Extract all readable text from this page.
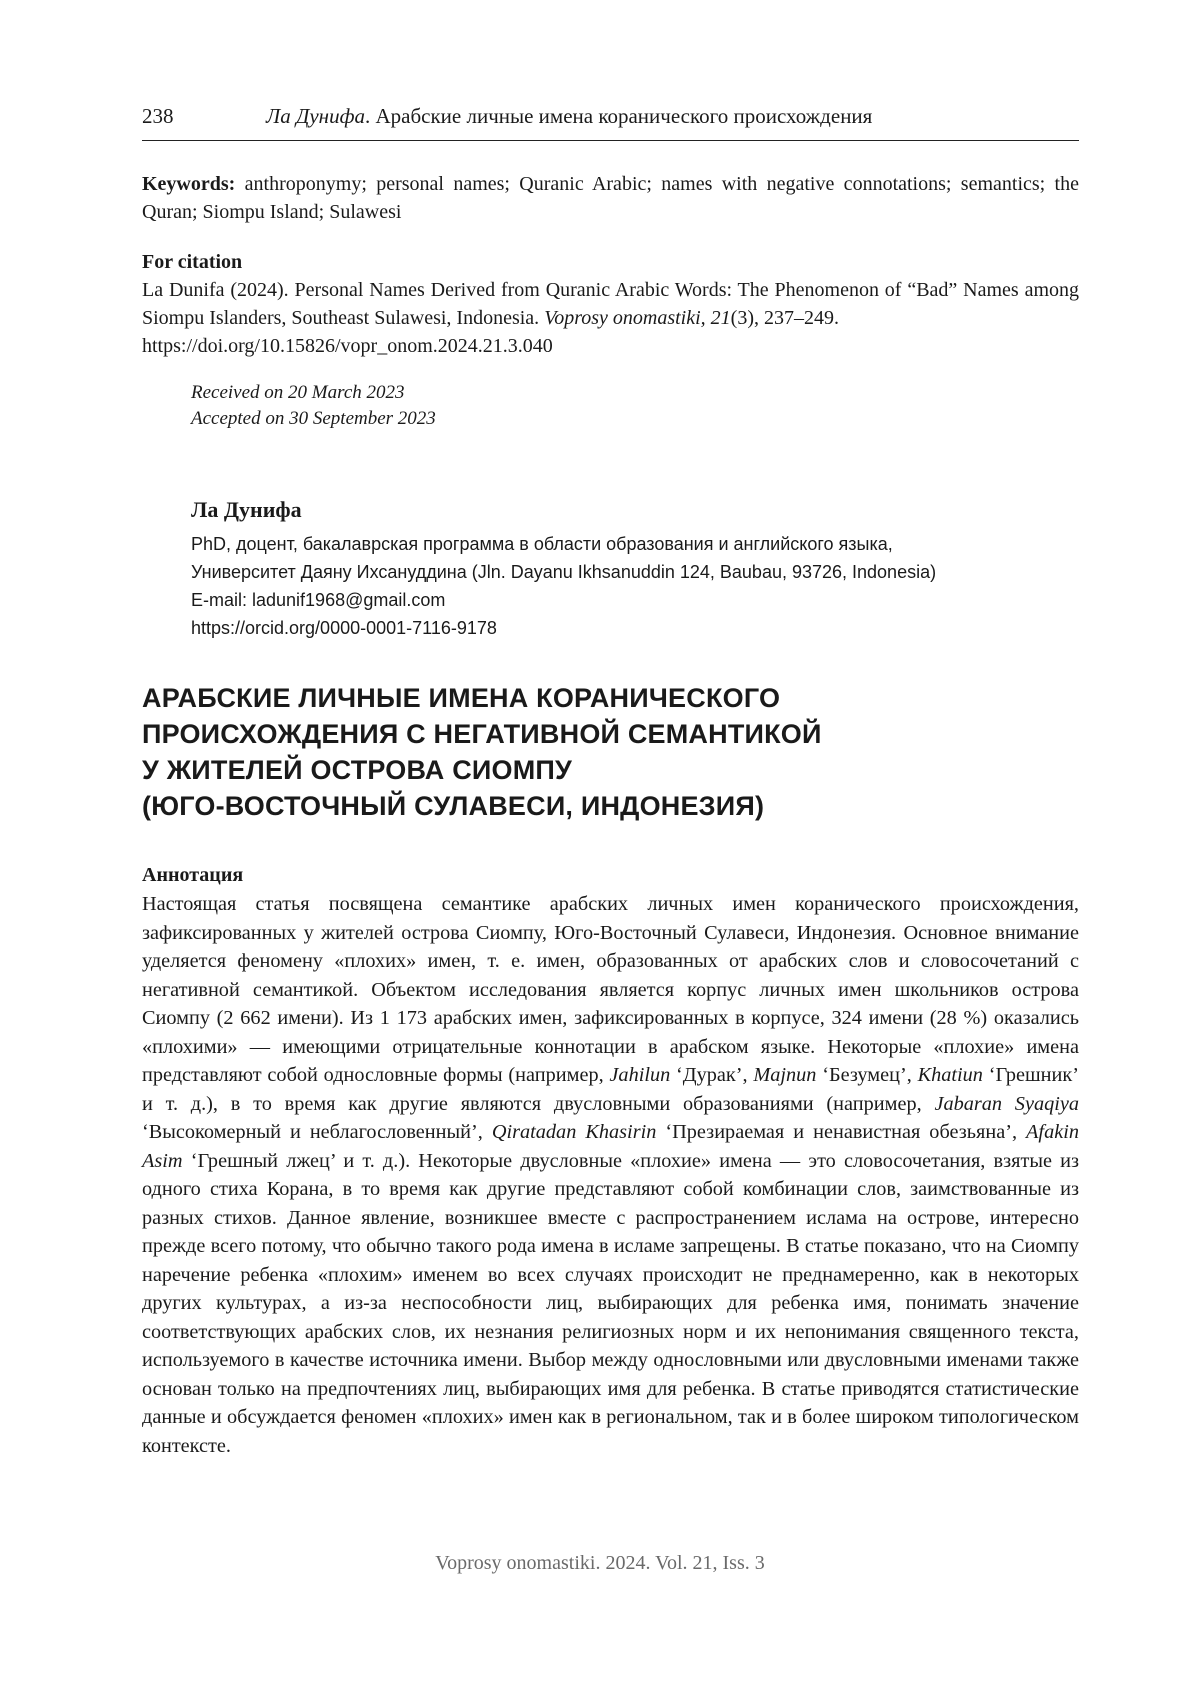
238	Ла Дунифа. Арабские личные имена коранического происхождения
Keywords: anthroponymy; personal names; Quranic Arabic; names with negative connotations; semantics; the Quran; Siompu Island; Sulawesi
For citation
La Dunifa (2024). Personal Names Derived from Quranic Arabic Words: The Phenomenon of “Bad” Names among Siompu Islanders, Southeast Sulawesi, Indonesia. Voprosy onomastiki, 21(3), 237–249.
https://doi.org/10.15826/vopr_onom.2024.21.3.040
Received on 20 March 2023
Accepted on 30 September 2023
Ла Дунифа
PhD, доцент, бакалаврская программа в области образования и английского языка,
Университет Даяну Ихсануддина (Jln. Dayanu Ikhsanuddin 124, Baubau, 93726, Indonesia)
E-mail: ladunif1968@gmail.com
https://orcid.org/0000-0001-7116-9178
АРАБСКИЕ ЛИЧНЫЕ ИМЕНА КОРАНИЧЕСКОГО
ПРОИСХОЖДЕНИЯ С НЕГАТИВНОЙ СЕМАНТИКОЙ
У ЖИТЕЛЕЙ ОСТРОВА СИОМПУ
(ЮГО-ВОСТОЧНЫЙ СУЛАВЕСИ, ИНДОНЕЗИЯ)
Аннотация
Настоящая статья посвящена семантике арабских личных имен коранического происхождения, зафиксированных у жителей острова Сиомпу, Юго-Восточный Сулавеси, Индонезия. Основное внимание уделяется феномену «плохих» имен, т. е. имен, образованных от арабских слов и словосочетаний с негативной семантикой. Объектом исследования является корпус личных имен школьников острова Сиомпу (2 662 имени). Из 1 173 арабских имен, зафиксированных в корпусе, 324 имени (28 %) оказались «плохими» — имеющими отрицательные коннотации в арабском языке. Некоторые «плохие» имена представляют собой однословные формы (например, Jahilun ‘Дурак’, Majnun ‘Безумец’, Khatiun ‘Грешник’ и т. д.), в то время как другие являются двусловными образованиями (например, Jabaran Syaqiya ‘Высокомерный и неблагословенный’, Qiratadan Khasirin ‘Презираемая и ненавистная обезьяна’, Afakin Asim ‘Грешный лжец’ и т. д.). Некоторые двусловные «плохие» имена — это словосочетания, взятые из одного стиха Корана, в то время как другие представляют собой комбинации слов, заимствованные из разных стихов. Данное явление, возникшее вместе с распространением ислама на острове, интересно прежде всего потому, что обычно такого рода имена в исламе запрещены. В статье показано, что на Сиомпу наречение ребенка «плохим» именем во всех случаях происходит не преднамеренно, как в некоторых других культурах, а из-за неспособности лиц, выбирающих для ребенка имя, понимать значение соответствующих арабских слов, их незнания религиозных норм и их непонимания священного текста, используемого в качестве источника имени. Выбор между однословными или двусловными именами также основан только на предпочтениях лиц, выбирающих имя для ребенка. В статье приводятся статистические данные и обсуждается феномен «плохих» имен как в региональном, так и в более широком типологическом контексте.
Voprosy onomastiki. 2024. Vol. 21, Iss. 3
